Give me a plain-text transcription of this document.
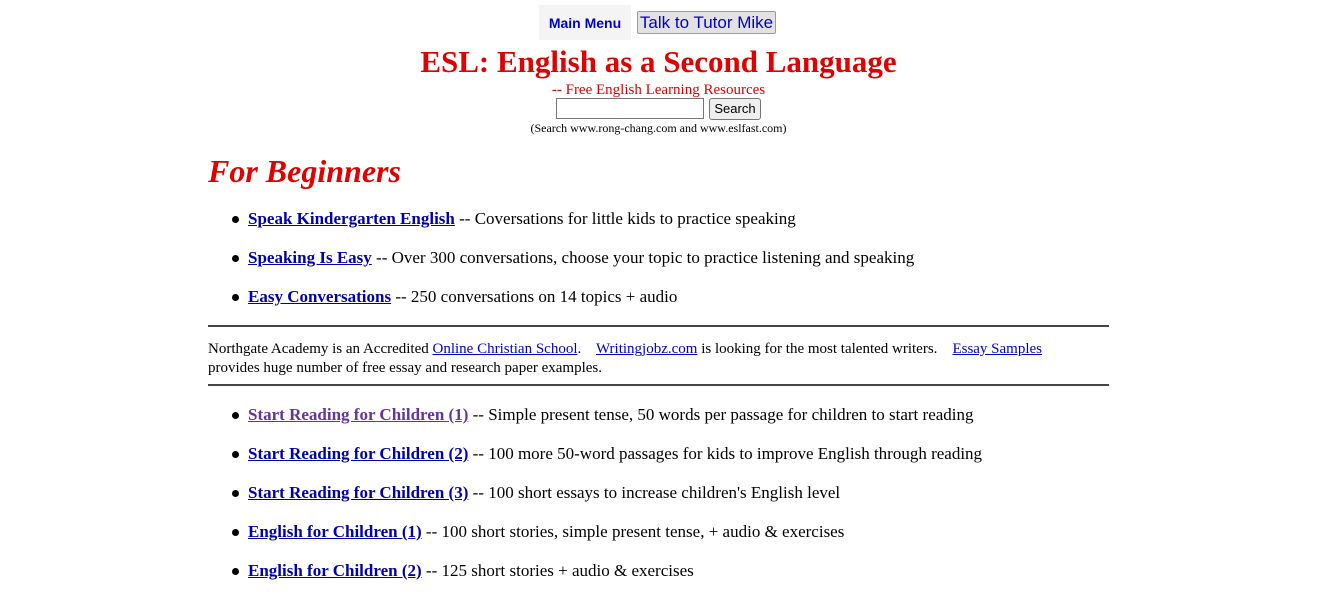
Main Menu	Talk to Tutor Mike
ESL: English as a Second Language
-- Free English Learning Resources
Search
(Search www.rong-chang.com and www.eslfast.com)
For Beginners
Speak Kindergarten English -- Coversations for little kids to practice speaking
Speaking Is Easy -- Over 300 conversations, choose your topic to practice listening and speaking
Easy Conversations -- 250 conversations on 14 topics + audio
Northgate Academy is an Accredited Online Christian School. Writingjobz.com is looking for the most talented writers. Essay Samples
provides huge number of free essay and research paper examples.
Start Reading for Children (1) -- Simple present tense, 50 words per passage for children to start reading
Start Reading for Children (2) -- 100 more 50-word passages for kids to improve English through reading
Start Reading for Children (3) -- 100 short essays to increase children's English level
English for Children (1) -- 100 short stories, simple present tense, + audio & exercises
English for Children (2) -- 125 short stories + audio & exercises
